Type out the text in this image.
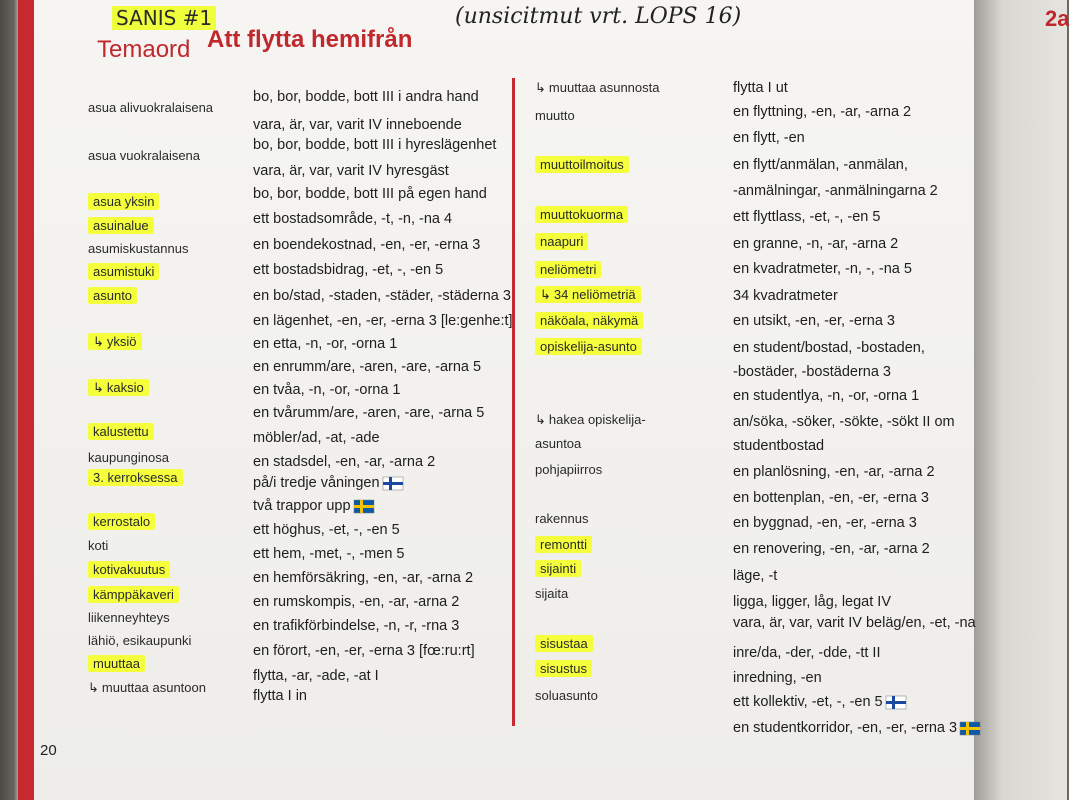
SANIS #1
Temaord Att flytta hemifrån
(unsicitmut vrt. LOPS 16)	2a
20
asua alivuokralaisena
asua vuokralaisena
asua yksin
asuinalue
asumiskustannus
asumistuki
asunto
↳ yksiö
↳ kaksio
kalustettu
kaupunginosa
3. kerroksessa
kerrostalo
koti
kotivakuutus
kämppäkaveri
liikenneyhteys
lähiö, esikaupunki
muuttaa
↳ muuttaa asuntoon
bo, bor, bodde, bott III i andra hand
vara, är, var, varit IV inneboende
bo, bor, bodde, bott III i hyreslägenhet
vara, är, var, varit IV hyresgäst
bo, bor, bodde, bott III på egen hand
ett bostadsområde, -t, -n, -na 4
en boendekostnad, -en, -er, -erna 3
ett bostadsbidrag, -et, -, -en 5
en bo/stad, -staden, -städer, -städerna 3
en lägenhet, -en, -er, -erna 3 [le:genhe:t]
en etta, -n, -or, -orna 1
en enrumm/are, -aren, -are, -arna 5
en tvåa, -n, -or, -orna 1
en tvårumm/are, -aren, -are, -arna 5
möbler/ad, -at, -ade
en stadsdel, -en, -ar, -arna 2
på/i tredje våningen
två trappor upp
ett höghus, -et, -, -en 5
ett hem, -met, -, -men 5
en hemförsäkring, -en, -ar, -arna 2
en rumskompis, -en, -ar, -arna 2
en trafikförbindelse, -n, -r, -rna 3
en förort, -en, -er, -erna 3 [fœ:ru:rt]
flytta, -ar, -ade, -at I
flytta I in
↳ muuttaa asunnosta
muutto
muuttoilmoitus
muuttokuorma
naapuri
neliömetri
↳ 34 neliömetriä
näköala, näkymä
opiskelija-asunto
↳ hakea opiskelija-
asuntoa
pohjapiirros
rakennus
remontti
sijainti
sijaita
sisustaa
sisustus
soluasunto
flytta I ut
en flyttning, -en, -ar, -arna 2
en flytt, -en
en flytt/anmälan, -anmälan,
-anmälningar, -anmälningarna 2
ett flyttlass, -et, -, -en 5
en granne, -n, -ar, -arna 2
en kvadratmeter, -n, -, -na 5
34 kvadratmeter
en utsikt, -en, -er, -erna 3
en student/bostad, -bostaden,
-bostäder, -bostäderna 3
en studentlya, -n, -or, -orna 1
an/söka, -söker, -sökte, -sökt II om
studentbostad
en planlösning, -en, -ar, -arna 2
en bottenplan, -en, -er, -erna 3
en byggnad, -en, -er, -erna 3
en renovering, -en, -ar, -arna 2
läge, -t
ligga, ligger, låg, legat IV
vara, är, var, varit IV beläg/en, -et, -na
inre/da, -der, -dde, -tt II
inredning, -en
ett kollektiv, -et, -, -en 5
en studentkorridor, -en, -er, -erna 3
